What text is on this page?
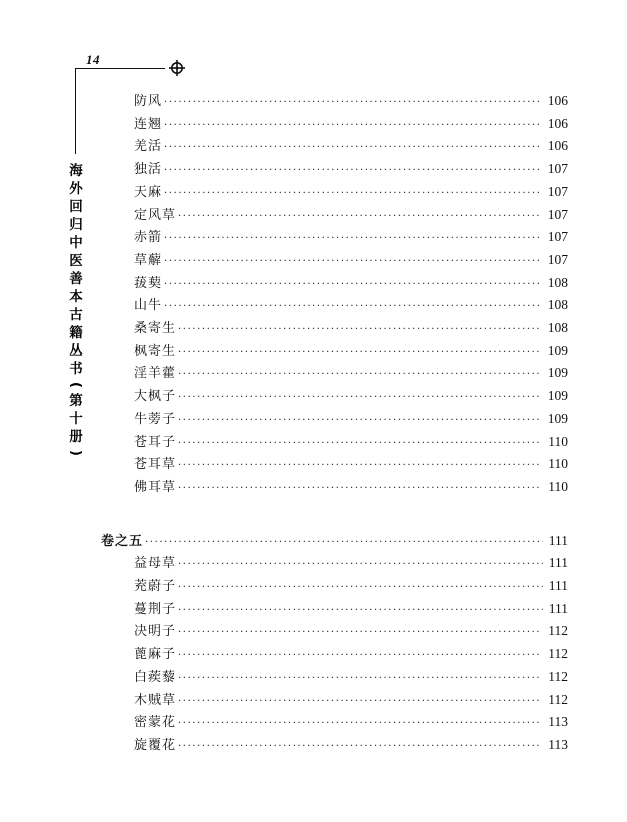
14
海
外
回
归
中
医
善
本
古
籍
丛
书
(
第
十
册
)
防风 ·····	106
连翘 ·····	106
羌活 ·····	106
独活 ·····	107
天麻 ·····	107
定风草 ·····	107
赤箭 ·····	107
草薢 ·····	107
菝葜 ·····	108
山牛 ·····	108
桑寄生 ·····	108
枫寄生 ·····	109
淫羊藿 ·····	109
大枫子 ·····	109
牛蒡子 ·····	109
苍耳子 ·····	110
苍耳草 ·····	110
佛耳草 ·····	110
卷之五 ·····	111
益母草 ·····	111
茺蔚子 ·····	111
蔓荆子 ·····	111
决明子 ·····	112
蓖麻子 ·····	112
白蒺藜 ·····	112
木贼草 ·····	112
密蒙花 ·····	113
旋覆花 ·····	113
